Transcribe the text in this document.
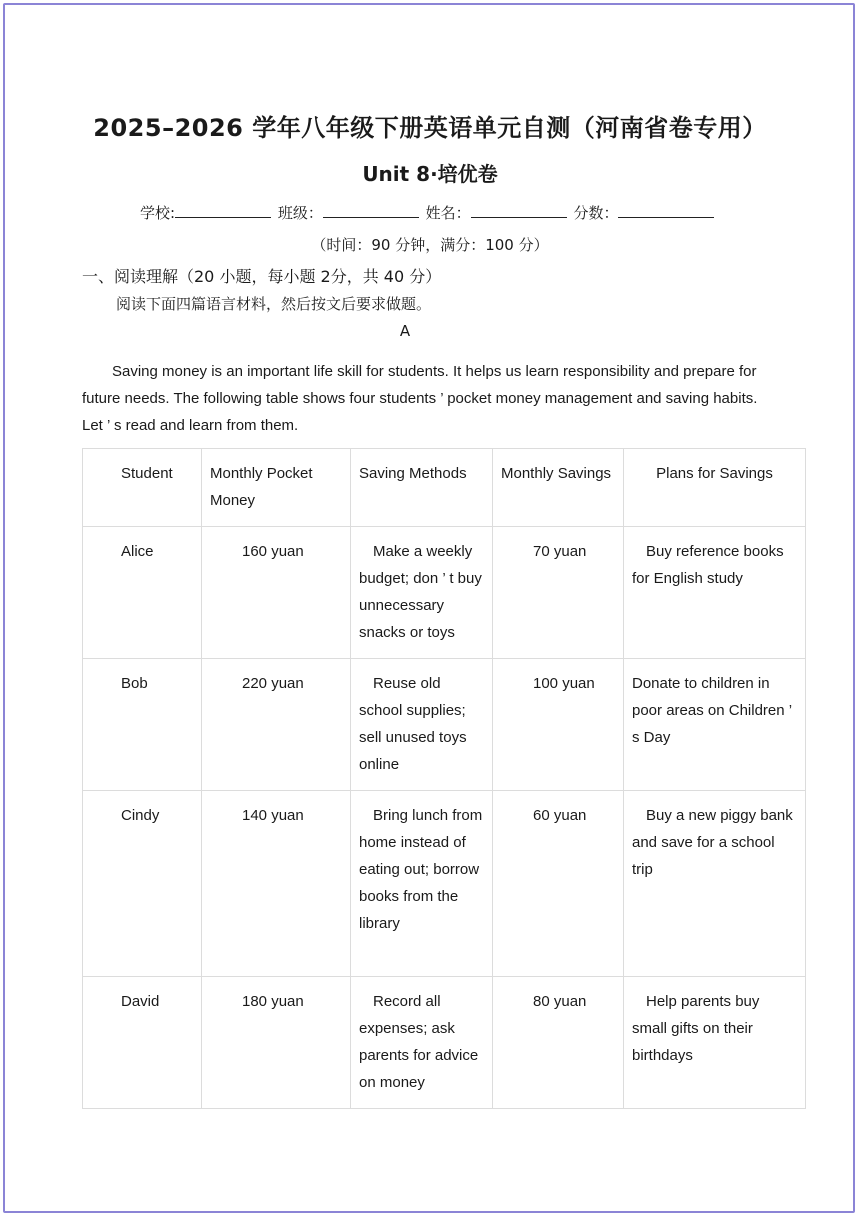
2025–2026 学年八年级下册英语单元自测（河南省卷专用）
Unit 8·培优卷
学校:	班级：	姓名：	分数：
（时间：90 分钟，满分：100 分）
一、阅读理解（20 小题，每小题 2分，共 40 分）
阅读下面四篇语言材料，然后按文后要求做题。
A
Saving money is an important life skill for students. It helps us learn responsibility and prepare for future needs. The following table shows four students ’ pocket money management and saving habits. Let ’ s read and learn from them.
Student	Monthly Pocket Money	Saving Methods	Monthly Savings	Plans for Savings
Alice	160 yuan	Make a weekly budget; don ’ t buy unnecessary snacks or toys	70 yuan	Buy reference books for English study
Bob	220 yuan	Reuse old school supplies; sell unused toys online	100 yuan	Donate to children in poor areas on Children ’ s Day
Cindy	140 yuan	Bring lunch from home instead of eating out; borrow books from the library	60 yuan	Buy a new piggy bank and save for a school trip
David	180 yuan	Record all expenses; ask parents for advice on money	80 yuan	Help parents buy small gifts on their birthdays
